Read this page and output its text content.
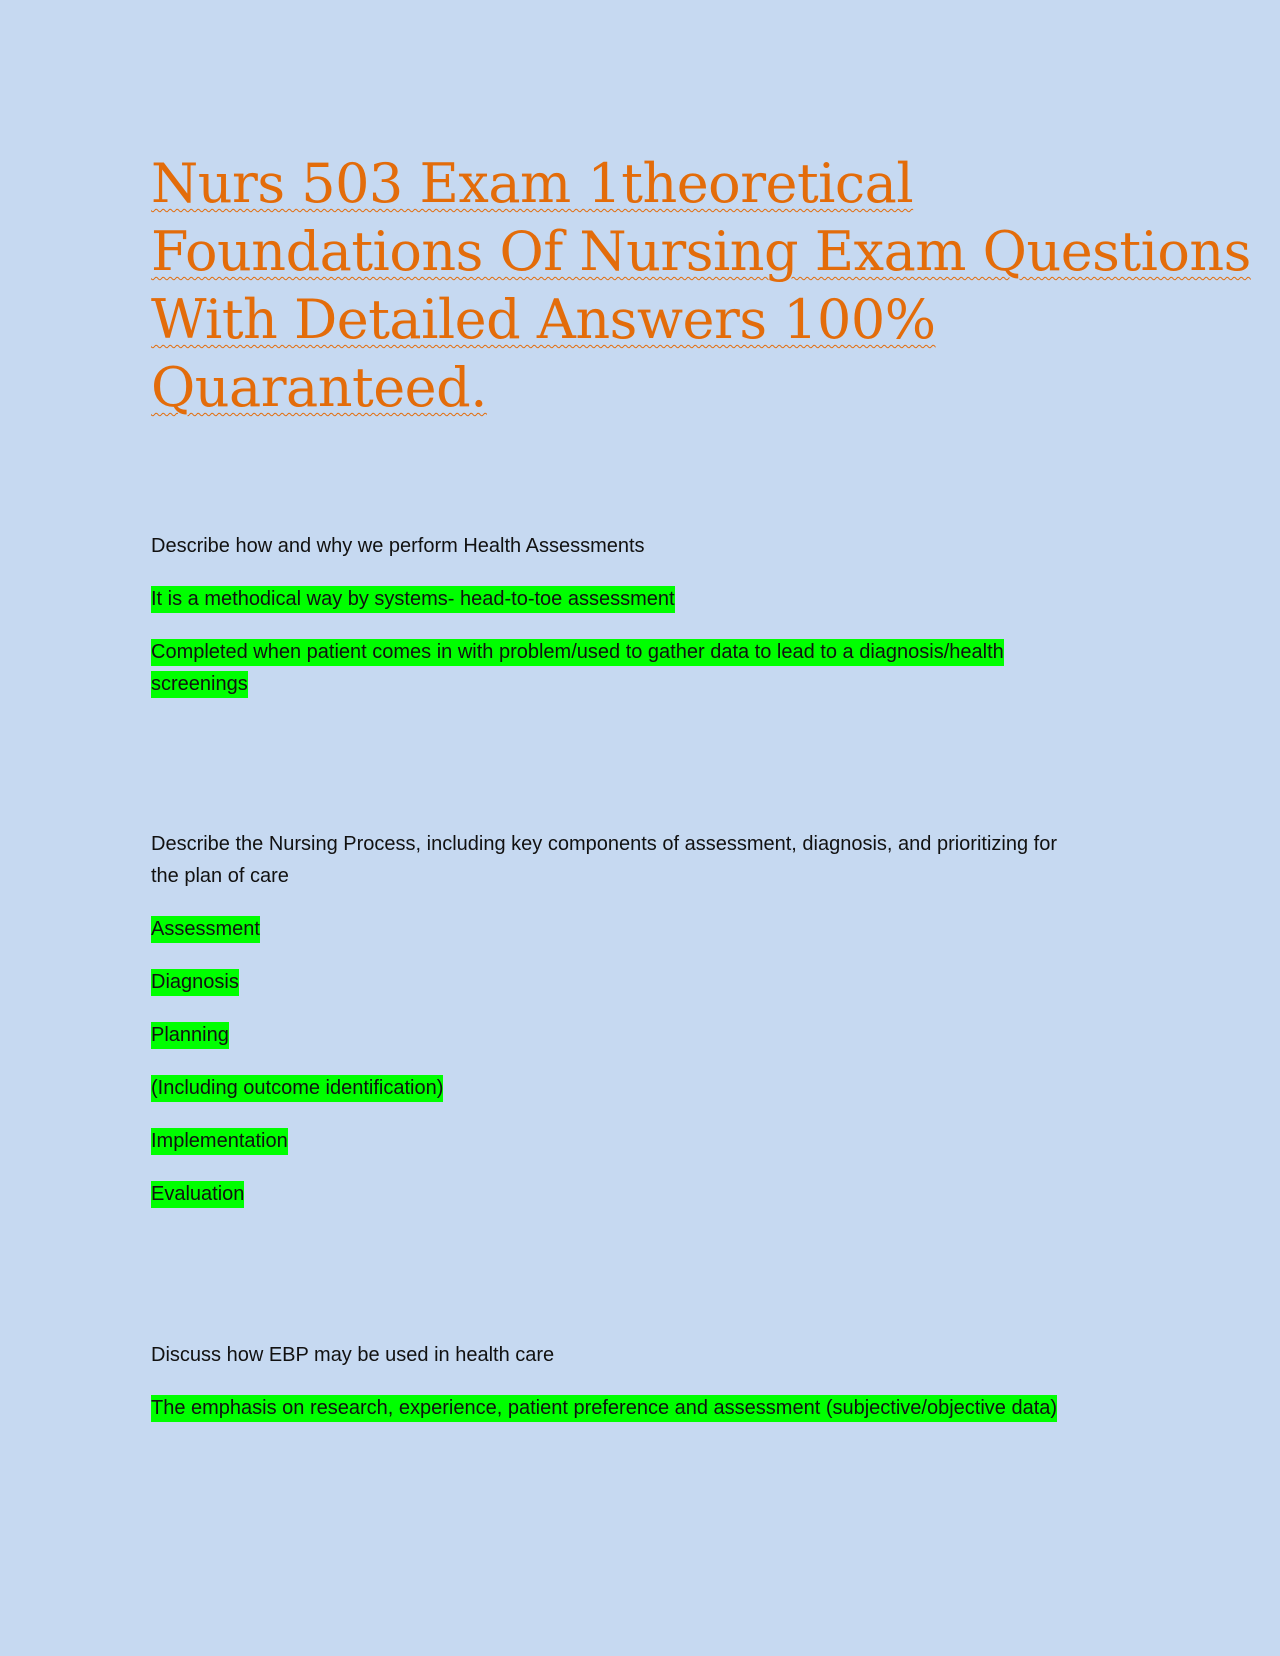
Nurs 503 Exam 1theoretical
Foundations Of Nursing Exam Questions
With Detailed Answers 100%
Quaranteed.
Describe how and why we perform Health Assessments
It is a methodical way by systems- head-to-toe assessment
Completed when patient comes in with problem/used to gather data to lead to a diagnosis/health
screenings
Describe the Nursing Process, including key components of assessment, diagnosis, and prioritizing for
the plan of care
Assessment
Diagnosis
Planning
(Including outcome identification)
Implementation
Evaluation
Discuss how EBP may be used in health care
The emphasis on research, experience, patient preference and assessment (subjective/objective data)
